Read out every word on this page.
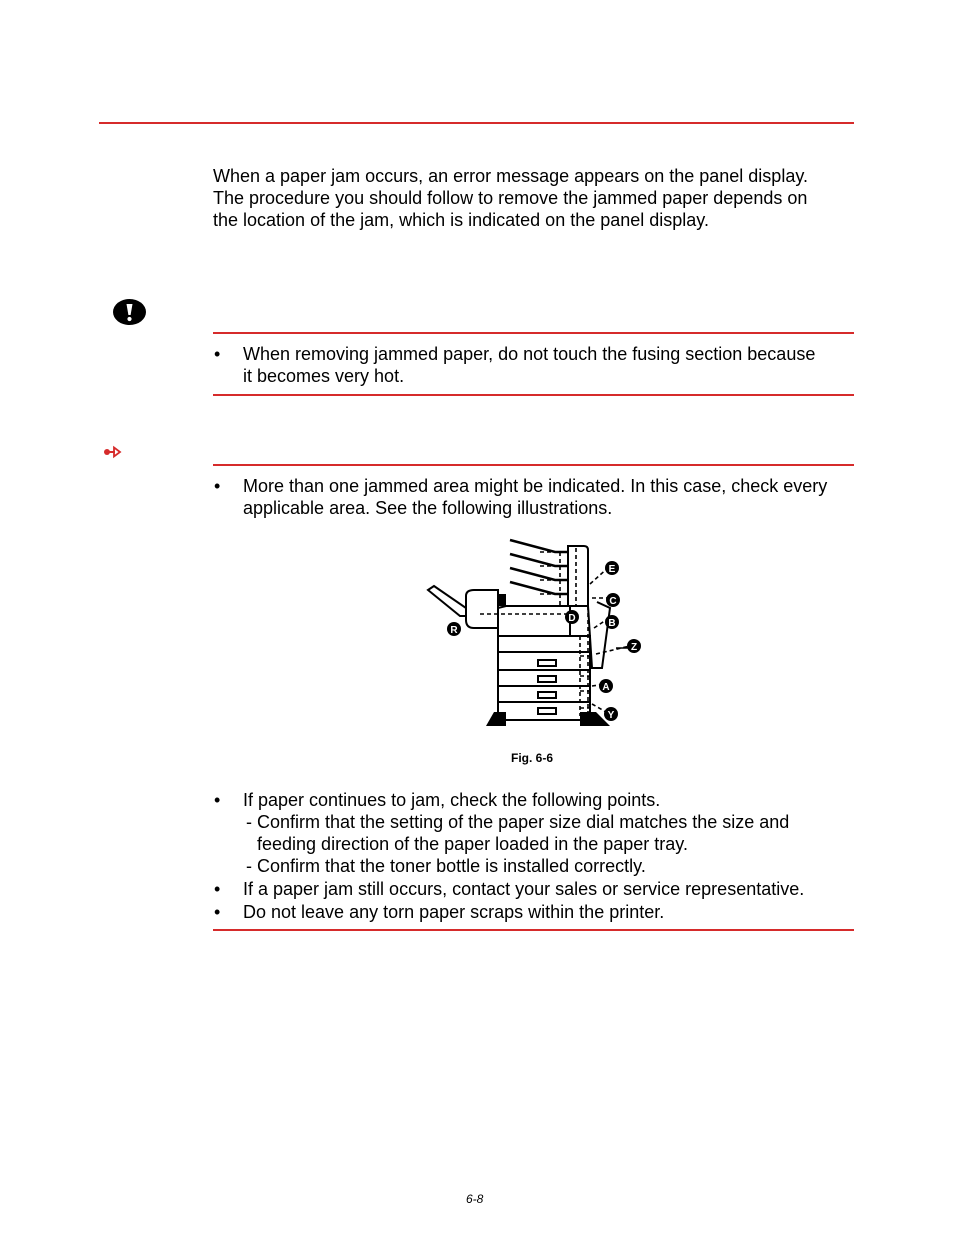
When a paper jam occurs, an error message appears on the panel display.
The procedure you should follow to remove the jammed paper depends on
the location of the jam, which is indicated on the panel display.
• When removing jammed paper, do not touch the fusing section because
it becomes very hot.
• More than one jammed area might be indicated. In this case, check every
applicable area. See the following illustrations.
E
C
D	B
R
Z
A
Y
Fig. 6-6
• If paper continues to jam, check the following points.
- Confirm that the setting of the paper size dial matches the size and
feeding direction of the paper loaded in the paper tray.
- Confirm that the toner bottle is installed correctly.
• If a paper jam still occurs, contact your sales or service representative.
• Do not leave any torn paper scraps within the printer.
6-8
